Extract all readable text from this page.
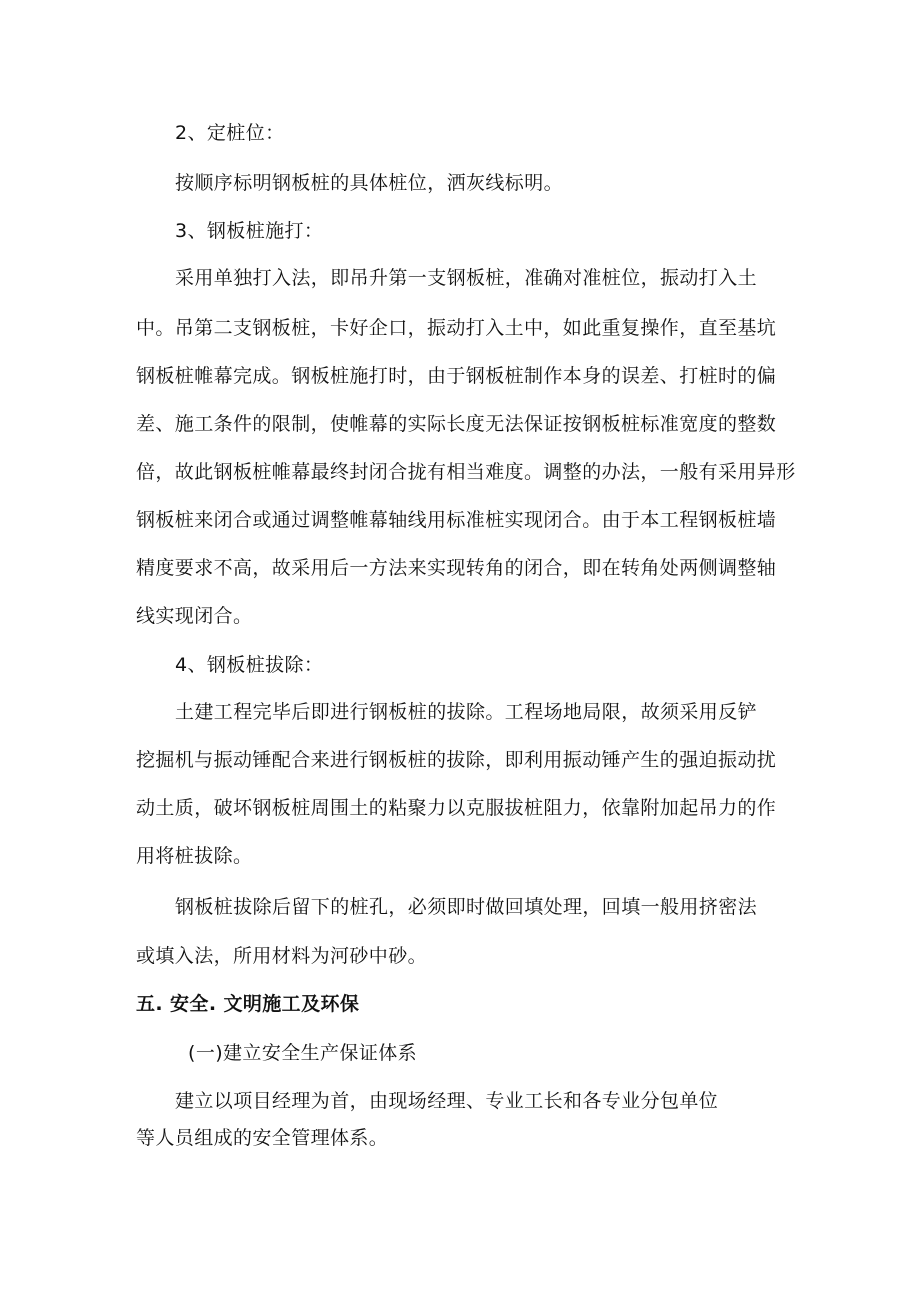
2、定桩位：
按顺序标明钢板桩的具体桩位，洒灰线标明。
3、钢板桩施打：
采用单独打入法，即吊升第一支钢板桩，准确对准桩位，振动打入土
中。吊第二支钢板桩，卡好企口，振动打入土中，如此重复操作，直至基坑
钢板桩帷幕完成。钢板桩施打时，由于钢板桩制作本身的误差、打桩时的偏
差、施工条件的限制，使帷幕的实际长度无法保证按钢板桩标准宽度的整数
倍，故此钢板桩帷幕最终封闭合拢有相当难度。调整的办法，一般有采用异形
钢板桩来闭合或通过调整帷幕轴线用标准桩实现闭合。由于本工程钢板桩墙
精度要求不高，故采用后一方法来实现转角的闭合，即在转角处两侧调整轴
线实现闭合。
4、钢板桩拔除：
土建工程完毕后即进行钢板桩的拔除。工程场地局限，故须采用反铲
挖掘机与振动锤配合来进行钢板桩的拔除，即利用振动锤产生的强迫振动扰
动土质，破坏钢板桩周围土的粘聚力以克服拔桩阻力，依靠附加起吊力的作
用将桩拔除。
钢板桩拔除后留下的桩孔，必须即时做回填处理，回填一般用挤密法
或填入法，所用材料为河砂中砂。
五. 安全. 文明施工及环保
(一)建立安全生产保证体系
建立以项目经理为首，由现场经理、专业工长和各专业分包单位
等人员组成的安全管理体系。
